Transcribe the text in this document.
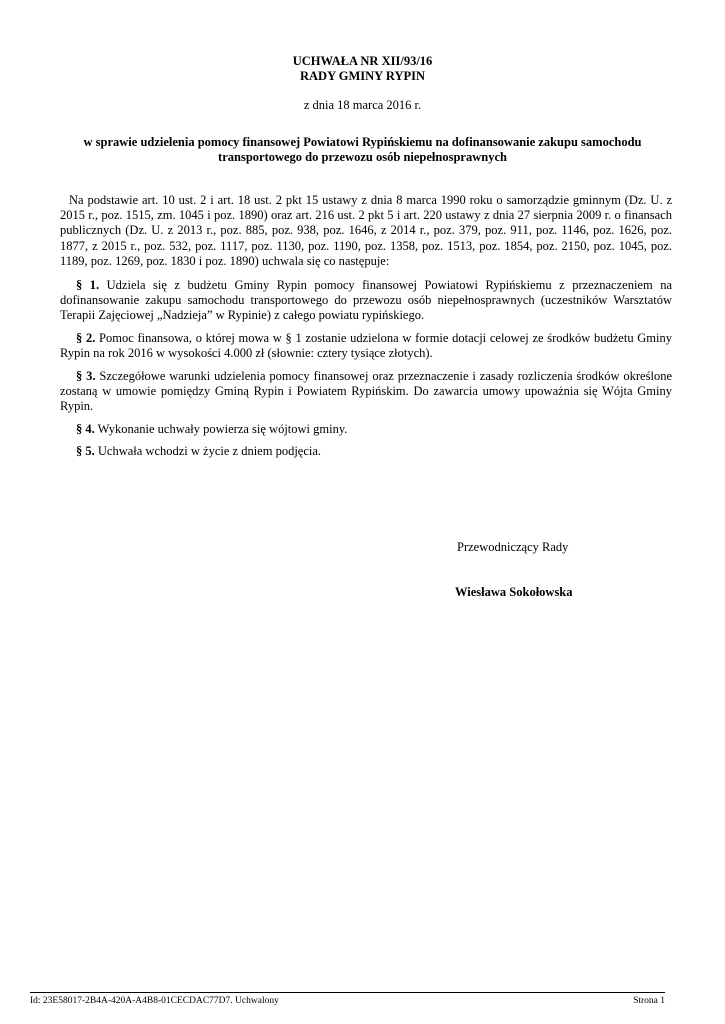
UCHWAŁA NR XII/93/16
RADY GMINY RYPIN
z dnia 18 marca 2016 r.
w sprawie udzielenia pomocy finansowej Powiatowi Rypińskiemu na dofinansowanie zakupu samochodu transportowego do przewozu osób niepełnosprawnych

Na podstawie art. 10 ust. 2 i art. 18 ust. 2 pkt 15 ustawy z dnia 8 marca 1990 roku o samorządzie gminnym (Dz. U. z 2015 r., poz. 1515, zm. 1045 i poz. 1890) oraz art. 216 ust. 2 pkt 5 i art. 220 ustawy z dnia 27 sierpnia 2009 r. o finansach publicznych (Dz. U. z 2013 r., poz. 885, poz. 938, poz. 1646, z 2014 r., poz. 379, poz. 911, poz. 1146, poz. 1626, poz. 1877, z 2015 r., poz. 532, poz. 1117, poz. 1130, poz. 1190, poz. 1358, poz. 1513, poz. 1854, poz. 2150, poz. 1045, poz. 1189, poz. 1269, poz. 1830 i poz. 1890) uchwala się co następuje:

§ 1. Udziela się z budżetu Gminy Rypin pomocy finansowej Powiatowi Rypińskiemu z przeznaczeniem na dofinansowanie zakupu samochodu transportowego do przewozu osób niepełnosprawnych (uczestników Warsztatów Terapii Zajęciowej „Nadzieja” w Rypinie) z całego powiatu rypińskiego.

§ 2. Pomoc finansowa, o której mowa w § 1 zostanie udzielona w formie dotacji celowej ze środków budżetu Gminy Rypin na rok 2016 w wysokości 4.000 zł (słownie: cztery tysiące złotych).

§ 3. Szczegółowe warunki udzielenia pomocy finansowej oraz przeznaczenie i zasady rozliczenia środków określone zostaną w umowie pomiędzy Gminą Rypin i Powiatem Rypińskim. Do zawarcia umowy upoważnia się Wójta Gminy Rypin.

§ 4. Wykonanie uchwały powierza się wójtowi gminy.

§ 5. Uchwała wchodzi w życie z dniem podjęcia.

Przewodniczący Rady
Wiesława Sokołowska
Id: 23E58017-2B4A-420A-A4B8-01CECDAC77D7. Uchwalony	Strona 1
